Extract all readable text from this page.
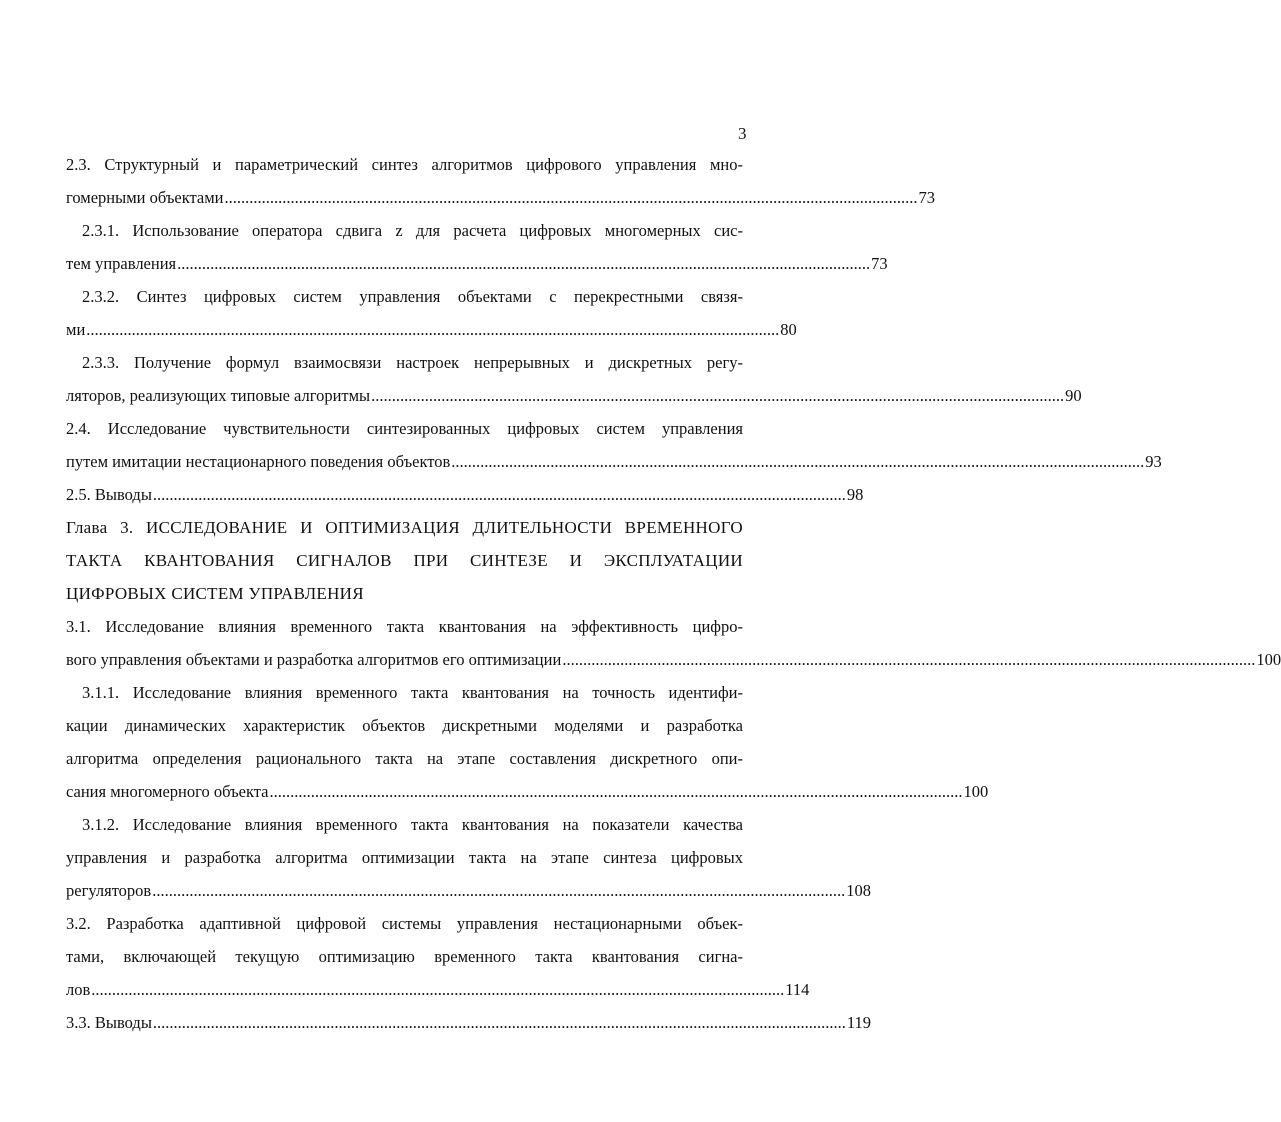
3
2.3. Структурный и параметрический синтез алгоритмов цифрового управления мно-
гомерными объектами ........................................................................................................................................................................ 73
2.3.1. Использование оператора сдвига z для расчета цифровых многомерных сис-
тем управления ........................................................................................................................................................................ 73
2.3.2. Синтез цифровых систем управления объектами с перекрестными связя-
ми ........................................................................................................................................................................ 80
2.3.3. Получение формул взаимосвязи настроек непрерывных и дискретных регу-
ляторов, реализующих типовые алгоритмы ........................................................................................................................................................................ 90
2.4. Исследование чувствительности синтезированных цифровых систем управления
путем имитации нестационарного поведения объектов ........................................................................................................................................................................ 93
2.5. Выводы ........................................................................................................................................................................ 98
Глава 3. ИССЛЕДОВАНИЕ И ОПТИМИЗАЦИЯ ДЛИТЕЛЬНОСТИ ВРЕМЕННОГО
ТАКТА КВАНТОВАНИЯ СИГНАЛОВ ПРИ СИНТЕЗЕ И ЭКСПЛУАТАЦИИ
ЦИФРОВЫХ СИСТЕМ УПРАВЛЕНИЯ
3.1. Исследование влияния временного такта квантования на эффективность цифро-
вого управления объектами и разработка алгоритмов его оптимизации ........................................................................................................................................................................ 100
3.1.1. Исследование влияния временного такта квантования на точность идентифи-
кации динамических характеристик объектов дискретными моделями и разработка
алгоритма определения рационального такта на этапе составления дискретного опи-
сания многомерного объекта ........................................................................................................................................................................ 100
3.1.2. Исследование влияния временного такта квантования на показатели качества
управления и разработка алгоритма оптимизации такта на этапе синтеза цифровых
регуляторов ........................................................................................................................................................................ 108
3.2. Разработка адаптивной цифровой системы управления нестационарными объек-
тами, включающей текущую оптимизацию временного такта квантования сигна-
лов ........................................................................................................................................................................ 114
3.3. Выводы ........................................................................................................................................................................ 119
